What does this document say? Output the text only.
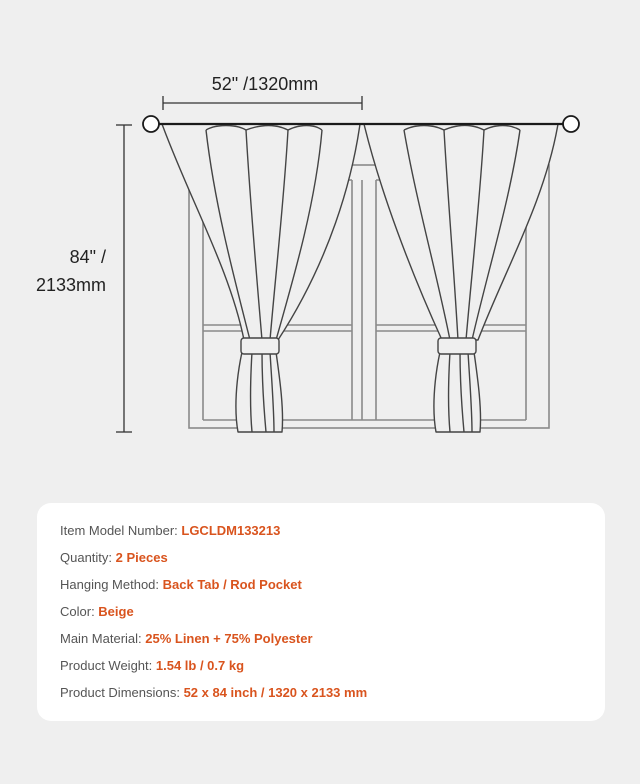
52" /1320mm
84" /
2133mm
Item Model Number: LGCLDM133213
Quantity: 2 Pieces
Hanging Method: Back Tab / Rod Pocket
Color: Beige
Main Material: 25% Linen + 75% Polyester
Product Weight: 1.54 lb / 0.7 kg
Product Dimensions: 52 x 84 inch / 1320 x 2133 mm
